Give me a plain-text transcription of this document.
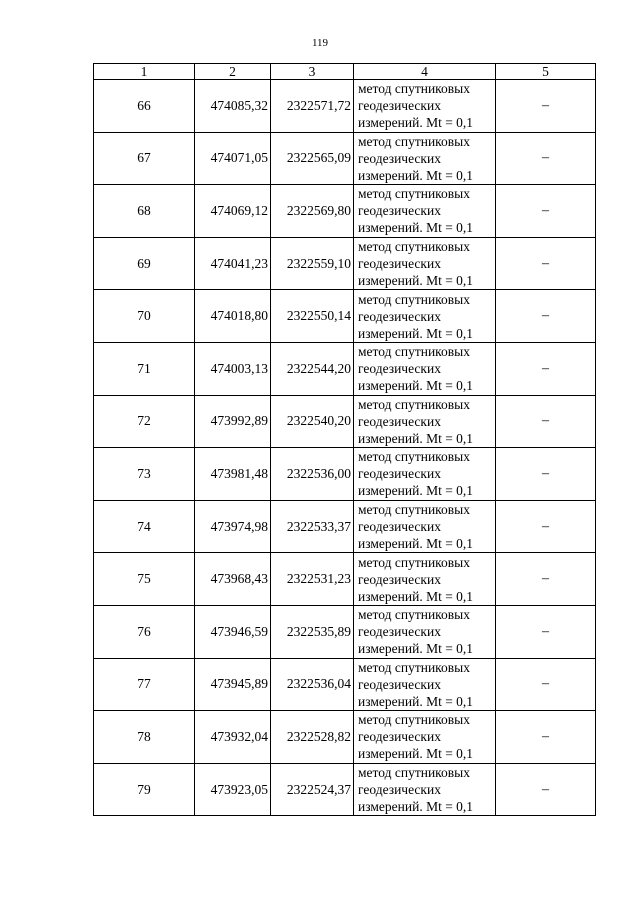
119
1	2	3	4	5
66	474085,32	2322571,72	метод спутниковых
геодезических
измерений. Mt = 0,1	–
67	474071,05	2322565,09	метод спутниковых
геодезических
измерений. Mt = 0,1	–
68	474069,12	2322569,80	метод спутниковых
геодезических
измерений. Mt = 0,1	–
69	474041,23	2322559,10	метод спутниковых
геодезических
измерений. Mt = 0,1	–
70	474018,80	2322550,14	метод спутниковых
геодезических
измерений. Mt = 0,1	–
71	474003,13	2322544,20	метод спутниковых
геодезических
измерений. Mt = 0,1	–
72	473992,89	2322540,20	метод спутниковых
геодезических
измерений. Mt = 0,1	–
73	473981,48	2322536,00	метод спутниковых
геодезических
измерений. Mt = 0,1	–
74	473974,98	2322533,37	метод спутниковых
геодезических
измерений. Mt = 0,1	–
75	473968,43	2322531,23	метод спутниковых
геодезических
измерений. Mt = 0,1	–
76	473946,59	2322535,89	метод спутниковых
геодезических
измерений. Mt = 0,1	–
77	473945,89	2322536,04	метод спутниковых
геодезических
измерений. Mt = 0,1	–
78	473932,04	2322528,82	метод спутниковых
геодезических
измерений. Mt = 0,1	–
79	473923,05	2322524,37	метод спутниковых
геодезических
измерений. Mt = 0,1	–
